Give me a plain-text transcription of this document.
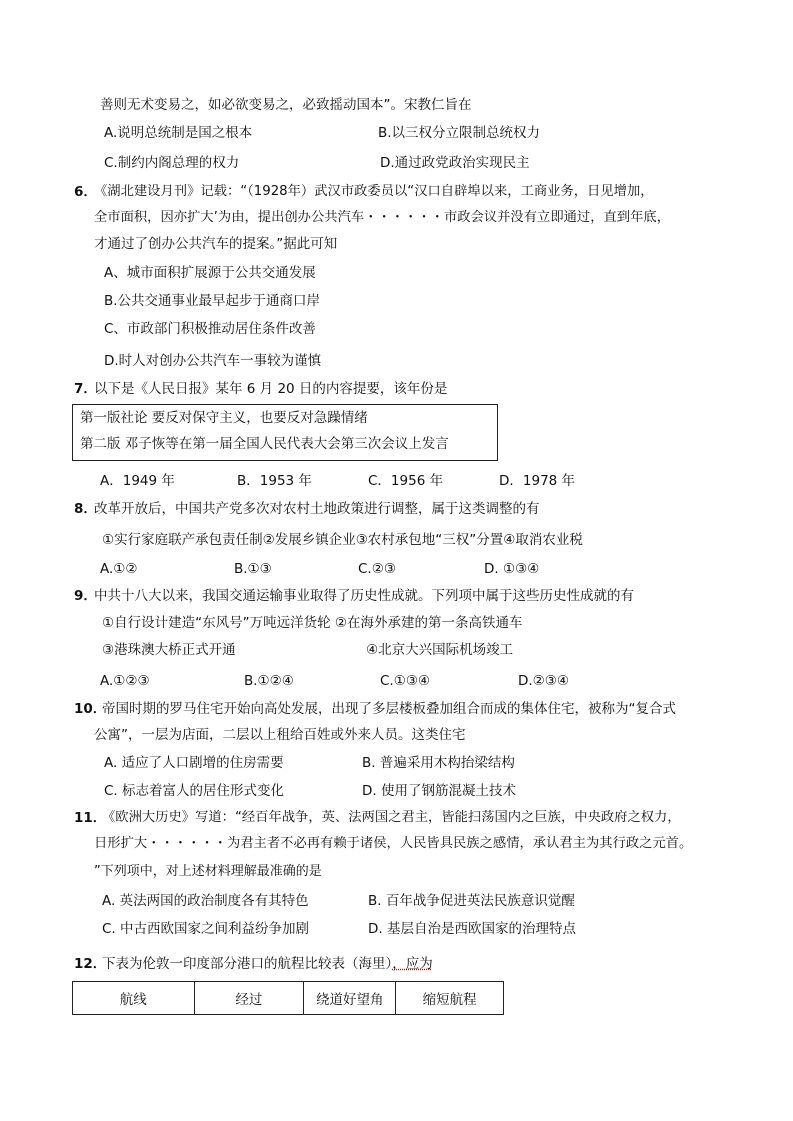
善则无术变易之，如必欲变易之，必致摇动国本”。宋教仁旨在
A.说明总统制是国之根本	B.以三权分立限制总统权力
C.制约内阁总理的权力	D.通过政党政治实现民主
6．
《湖北建设月刊》记载：“（1928年）武汉市政委员以“汉口自辟埠以来，工商业务，日见增加，
全市面积，因亦扩大’为由，提出创办公共汽车・・・・・・市政会议并没有立即通过，直到年底，
才通过了创办公共汽车的提案。”据此可知
A、城市面积扩展源于公共交通发展
B.公共交通事业最早起步于通商口岸
C、市政部门积极推动居住条件改善
D.时人对创办公共汽车一事较为谨慎
7．
以下是《人民日报》某年 6 月 20 日的内容提要，该年份是
第一版社论 要反对保守主义，也要反对急躁情绪
第二版 邓子恢等在第一届全国人民代表大会第三次会议上发言
A．1949 年	B．1953 年	C．1956 年	D．1978 年
8．
改革开放后，中国共产党多次对农村土地政策进行调整，属于这类调整的有
①实行家庭联产承包责任制②发展乡镇企业③农村承包地“三权”分置④取消农业税
A.①②	B.①③	C.②③	D. ①③④
9．
中共十八大以来，我国交通运输事业取得了历史性成就。下列项中属于这些历史性成就的有
①自行设计建造“东风号”万吨远洋货轮 ②在海外承建的第一条高铁通车
③港珠澳大桥正式开通	④北京大兴国际机场竣工
A.①②③	B.①②④	C.①③④	D.②③④
10．
帝国时期的罗马住宅开始向高处发展，出现了多层楼板叠加组合而成的集体住宅，被称为“复合式
公寓”，一层为店面，二层以上租给百姓或外来人员。这类住宅
A. 适应了人口剧增的住房需要	B. 普遍采用木构抬梁结构
C. 标志着富人的居住形式变化	D. 使用了钢筋混凝土技术
11．
《欧洲大历史》写道：“经百年战争，英、法两国之君主，皆能扫荡国内之巨族，中央政府之权力，
日形扩大・・・・・・为君主者不必再有赖于诸侯，人民皆具民族之感情，承认君主为其行政之元首。
”下列项中，对上述材料理解最准确的是
A. 英法两国的政治制度各有其特色	B. 百年战争促进英法民族意识觉醒
C. 中古西欧国家之间利益纷争加剧	D. 基层自治是西欧国家的治理特点
12．
下表为伦敦一印度部分港口的航程比较表（海里），应为
航线	经过	绕道好望角	缩短航程
